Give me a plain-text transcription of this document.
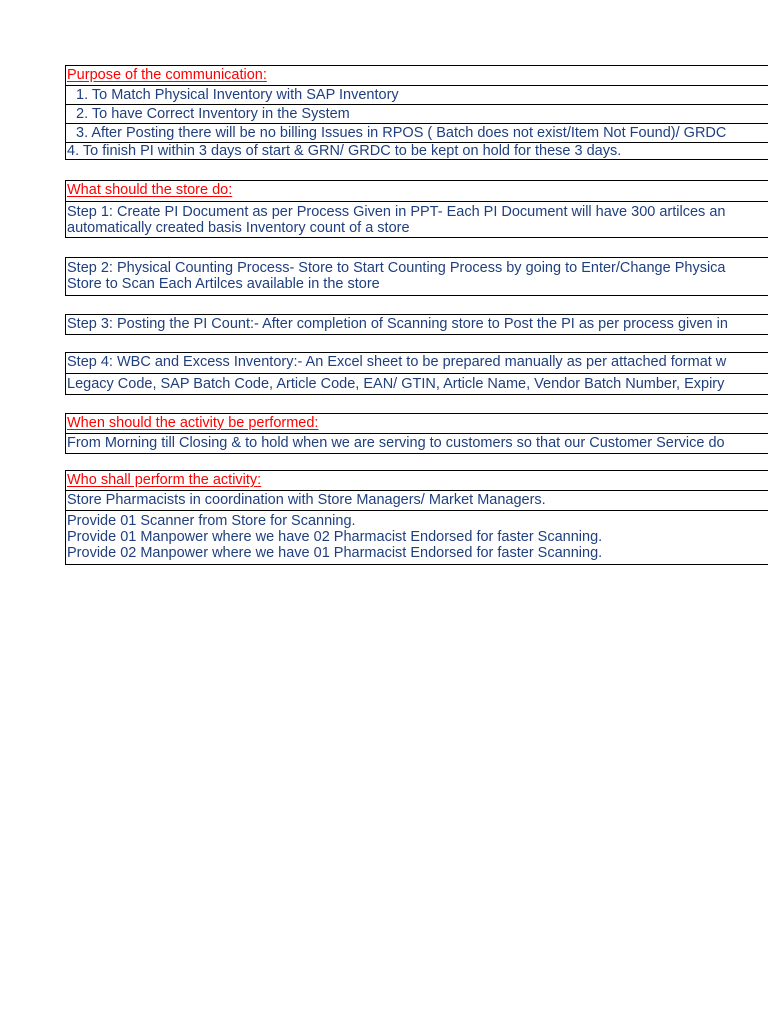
Purpose of the communication:
1. To Match Physical Inventory with SAP Inventory
2. To have Correct Inventory in the System
3. After Posting there will be no billing Issues in RPOS ( Batch does not exist/Item Not Found)/ GRDC
4. To finish PI within 3 days of start & GRN/ GRDC to be kept on hold for these 3 days.
What should the store do:
Step 1: Create PI Document as per Process Given in PPT- Each PI Document will have 300 artilces an
automatically created basis Inventory count of a store
Step 2: Physical Counting Process- Store to Start Counting Process by going to Enter/Change Physica
Store to Scan Each Artilces available in the store
Step 3: Posting the PI Count:- After completion of Scanning store to Post the PI as per process given in
Step 4: WBC and Excess Inventory:- An Excel sheet to be prepared manually as per attached format w
Legacy Code, SAP Batch Code, Article Code, EAN/ GTIN, Article Name, Vendor Batch Number, Expiry
When should the activity be performed:
From Morning till Closing & to hold when we are serving to customers so that our Customer Service do
Who shall perform the activity:
Store Pharmacists in coordination with Store Managers/ Market Managers.
Provide 01 Scanner from Store for Scanning.
Provide 01 Manpower where we have 02 Pharmacist Endorsed for faster Scanning.
Provide 02 Manpower where we have 01 Pharmacist Endorsed for faster Scanning.
